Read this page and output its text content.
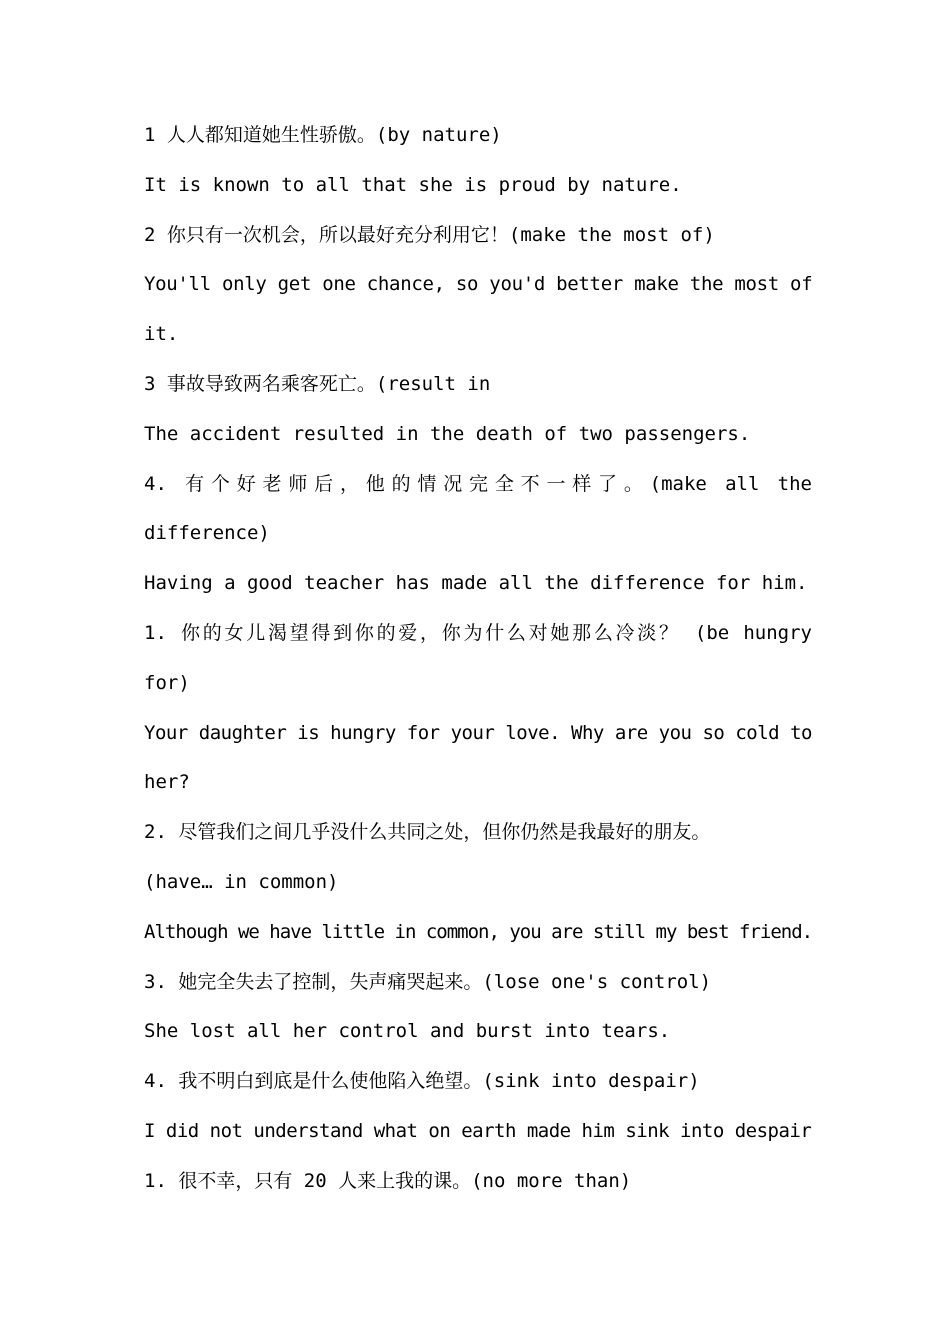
1 人人都知道她生性骄傲。(by nature)
It is known to all that she is proud by nature.
2 你只有一次机会，所以最好充分利用它！(make the most of)
You'll only get one chance, so you'd better make the most of
it.
3 事故导致两名乘客死亡。(result in
The accident resulted in the death of two passengers.
4. 有个好老师后，他的情况完全不一样了。(make all the
difference)
Having a good teacher has made all the difference for him.
1. 你的女儿渴望得到你的爱，你为什么对她那么冷淡？ (be hungry
for)
Your daughter is hungry for your love. Why are you so cold to
her?
2. 尽管我们之间几乎没什么共同之处，但你仍然是我最好的朋友。
(have… in common)
Although we have little in common, you are still my best friend.
3. 她完全失去了控制，失声痛哭起来。(lose one's control)
She lost all her control and burst into tears.
4. 我不明白到底是什么使他陷入绝望。(sink into despair)
I did not understand what on earth made him sink into despair
1. 很不幸，只有 20 人来上我的课。(no more than)
